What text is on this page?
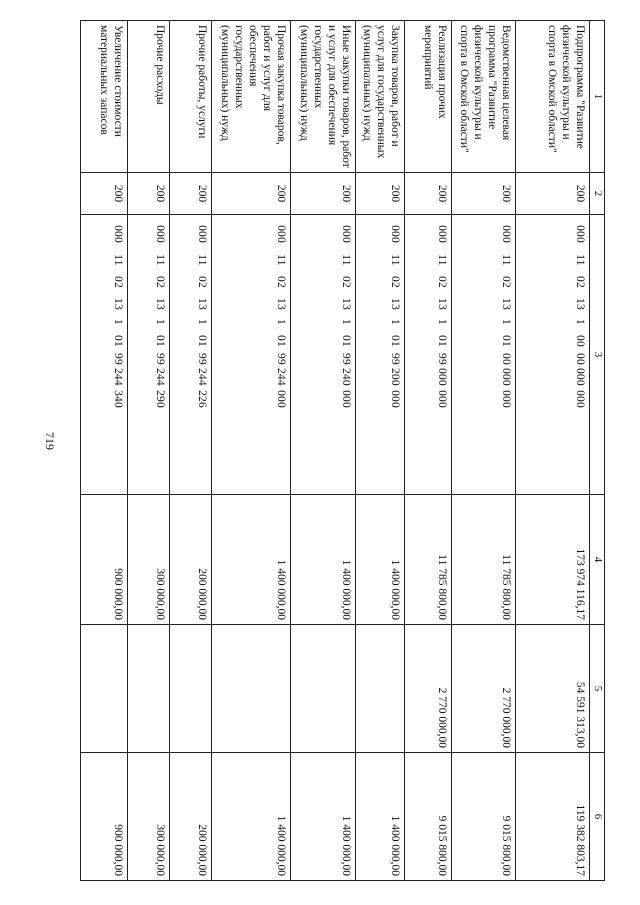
719
1	2	3	4	5	6
Подпрограмма "Развитие физической культуры и спорта в Омской области"	200	00011021310000 000000	173 974 116,17	54 591 313,00	119 382 803,17
Ведомственная целевая программа "Развитие физической культуры и спорта в Омской области"	200	00011021310100 000000	11 785 800,00	2 770 000,00	9 015 800,00
Реализация прочих мероприятий	200	00011021310199 000000	11 785 800,00	2 770 000,00	9 015 800,00
Закупка товаров, работ и услуг для государственных (муниципальных) нужд	200	00011021310199 200000	1 400 000,00		1 400 000,00
Иные закупки товаров, работ и услуг для обеспечения государственных (муниципальных) нужд	200	00011021310199 240000	1 400 000,00		1 400 000,00
Прочая закупка товаров, работ и услуг для обеспечения государственных (муниципальных) нужд	200	00011021310199 244000	1 400 000,00		1 400 000,00
Прочие работы, услуги	200	00011021310199 244226	200 000,00		200 000,00
Прочие расходы	200	00011021310199 244290	300 000,00		300 000,00
Увеличение стоимости материальных запасов	200	00011021310199 244340	900 000,00		900 000,00
